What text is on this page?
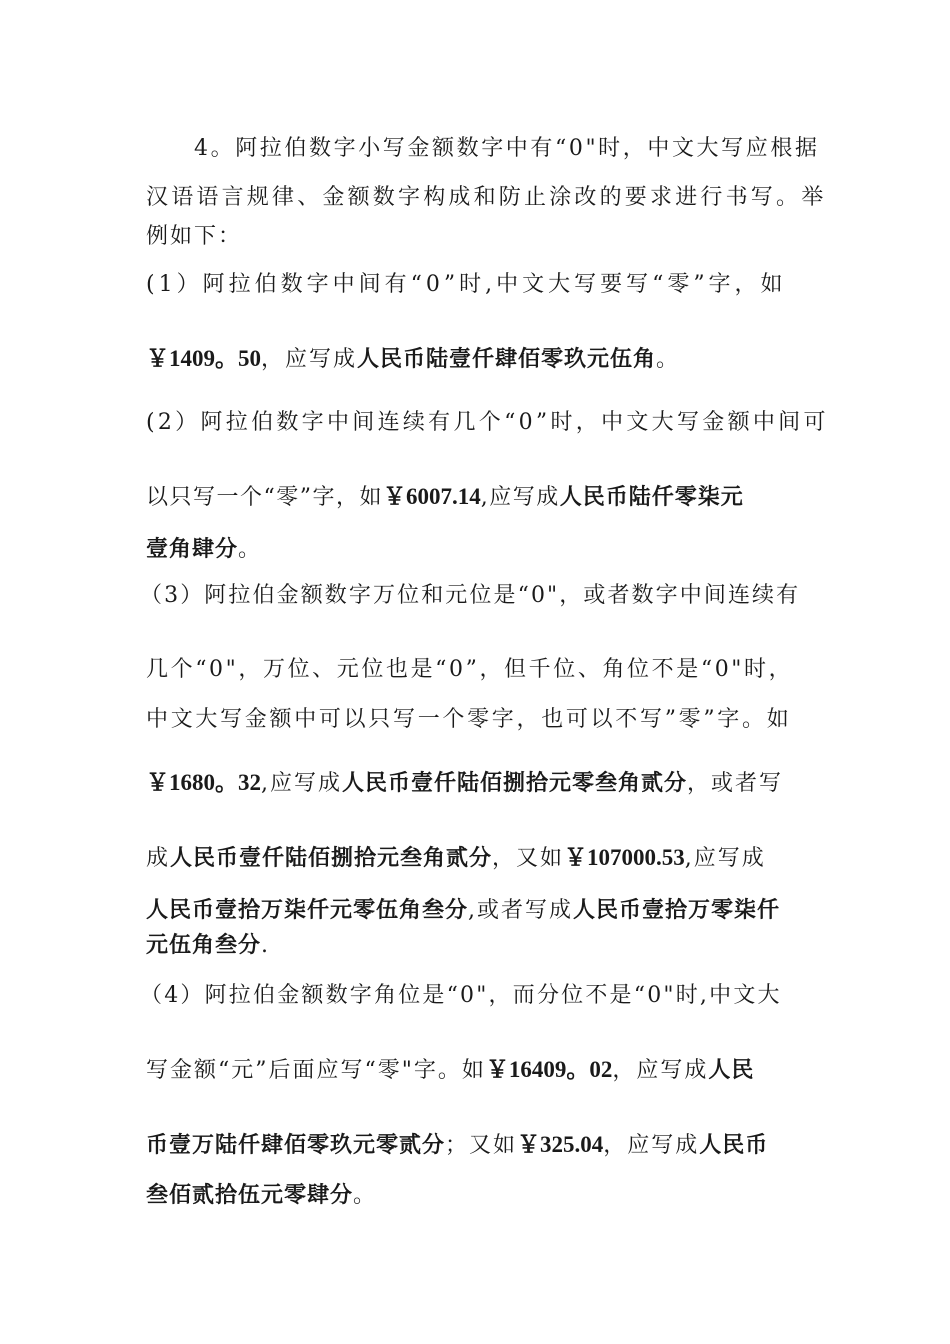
4。阿拉伯数字小写金额数字中有“0"时，中文大写应根据

汉语语言规律、金额数字构成和防止涂改的要求进行书写。举

例如下：

(1）阿拉伯数字中间有“0”时,中文大写要写“零”字，如

￥1409。50，应写成人民币陆壹仟肆佰零玖元伍角。

(2）阿拉伯数字中间连续有几个“0”时，中文大写金额中间可

以只写一个“零”字，如￥6007.14,应写成人民币陆仟零柒元

壹角肆分。

（3）阿拉伯金额数字万位和元位是“0"，或者数字中间连续有

几个“0"，万位、元位也是“0”，但千位、角位不是“0"时，

中文大写金额中可以只写一个零字，也可以不写”零”字。如

￥1680。32,应写成人民币壹仟陆佰捌拾元零叁角贰分，或者写

成人民币壹仟陆佰捌拾元叁角贰分，又如￥107000.53,应写成

人民币壹拾万柒仟元零伍角叁分,或者写成人民币壹拾万零柒仟

元伍角叁分.

（4）阿拉伯金额数字角位是“0"，而分位不是“0"时,中文大

写金额“元”后面应写“零"字。如￥16409。02，应写成人民

币壹万陆仟肆佰零玖元零贰分；又如￥325.04，应写成人民币

叁佰贰拾伍元零肆分。
